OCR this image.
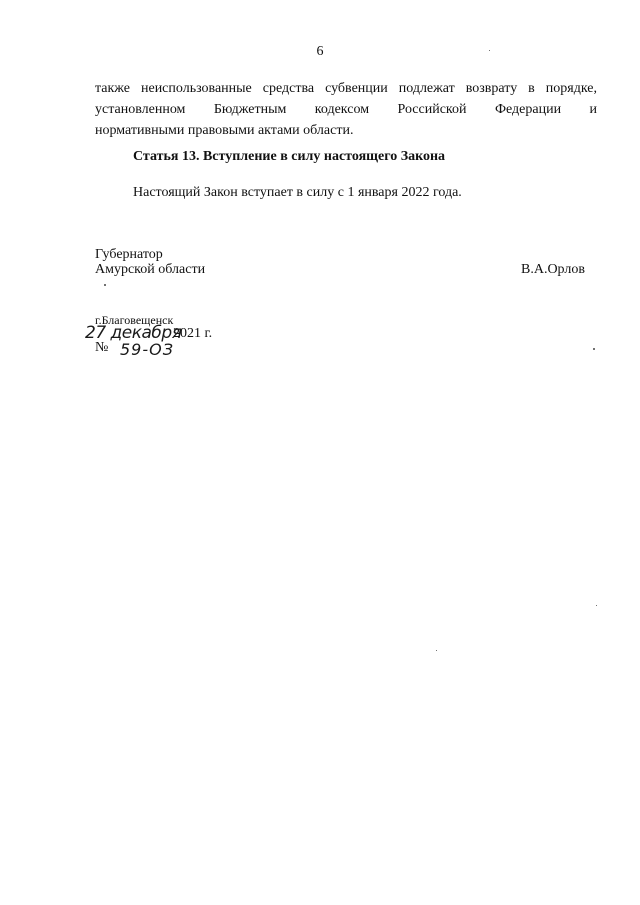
6
также неиспользованные средства субвенции подлежат возврату в порядке,
установленном Бюджетным кодексом Российской Федерации и
нормативными правовыми актами области.
Статья 13. Вступление в силу настоящего Закона
Настоящий Закон вступает в силу с 1 января 2022 года.
Губернатор
Амурской области	В.А.Орлов
г.Благовещенск
27 декабря
2021 г.
№ 59-ОЗ
